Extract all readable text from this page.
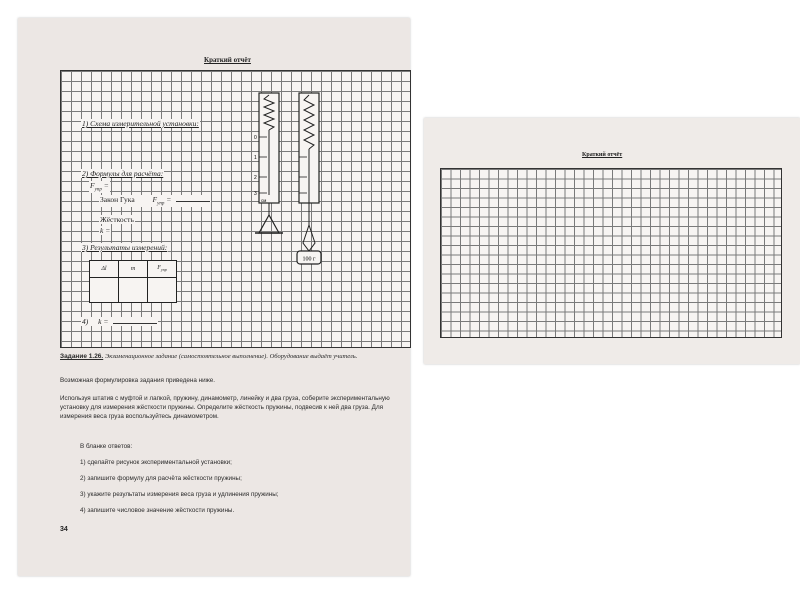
Краткий отчёт
1) Схема измерительной установки:
2) Формулы для расчёта:
$F_{упр}$ =
Закон Гука $F_{упр}$ =
Жёсткость
k =
3) Результаты измерений:
Δl	m	$F_{упр}$

4) k =
100 г
0
1
2
3
см
Задание 1.26. Экзаменационное задание (самостоятельное выполнение). Оборудование выдаёт учитель.
Возможная формулировка задания приведена ниже.
Используя штатив с муфтой и лапкой, пружину, динамометр, линейку и два груза, соберите экспериментальную установку для измерения жёсткости пружины. Определите жёсткость пружины, подвесив к ней два груза. Для измерения веса груза воспользуйтесь динамометром.
В бланке ответов:
1) сделайте рисунок экспериментальной установки;
2) запишите формулу для расчёта жёсткости пружины;
3) укажите результаты измерения веса груза и удлинения пружины;
4) запишите числовое значение жёсткости пружины.
34
Краткий отчёт
